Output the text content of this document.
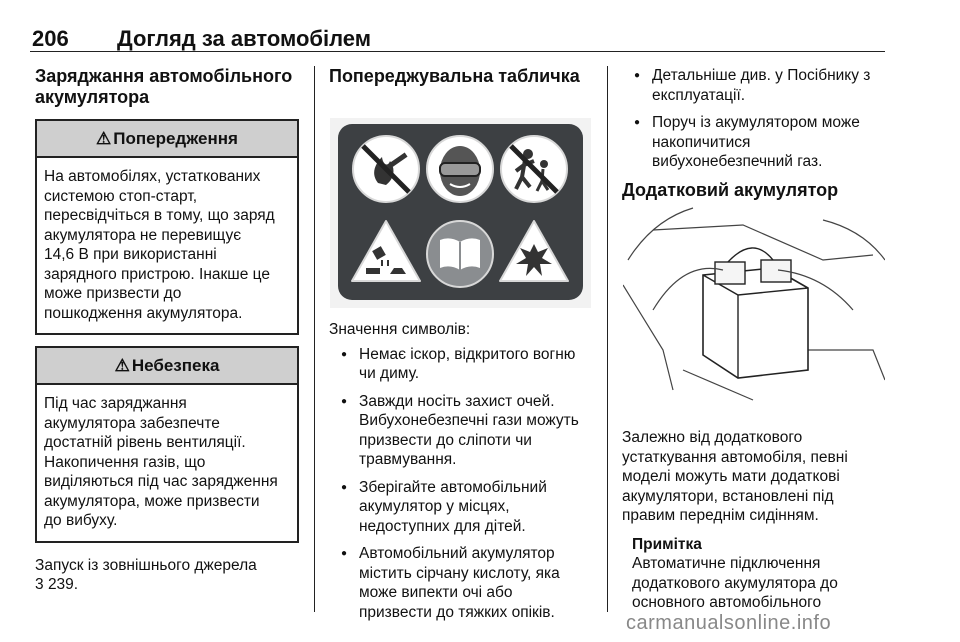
206 Догляд за автомобілем
Заряджання автомобільного
акумулятора
⚠ Попередження
На автомобілях, устаткованих
системою стоп-старт,
пересвідчіться в тому, що заряд
акумулятора не перевищує
14,6 В при використанні
зарядного пристрою. Інакше це
може призвести до
пошкодження акумулятора.
⚠ Небезпека
Під час заряджання
акумулятора забезпечте
достатній рівень вентиляції.
Накопичення газів, що
виділяються під час зарядження
акумулятора, може призвести
до вибуху.
Запуск із зовнішнього джерела
3 239.
Попереджувальна табличка
Значення символів:
● Немає іскор, відкритого вогню
чи диму.
● Завжди носіть захист очей.
Вибухонебезпечні гази можуть
призвести до сліпоти чи
травмування.
● Зберігайте автомобільний
акумулятор у місцях,
недоступних для дітей.
● Автомобільний акумулятор
містить сірчану кислоту, яка
може випекти очі або
призвести до тяжких опіків.
● Детальніше див. у Посібнику з
експлуатації.
● Поруч із акумулятором може
накопичитися
вибухонебезпечний газ.
Додатковий акумулятор
Залежно від додаткового
устаткування автомобіля, певні
моделі можуть мати додаткові
акумулятори, встановлені під
правим переднім сидінням.
Примітка
Автоматичне підключення
додаткового акумулятора до
основного автомобільного
carmanualsonline.info
